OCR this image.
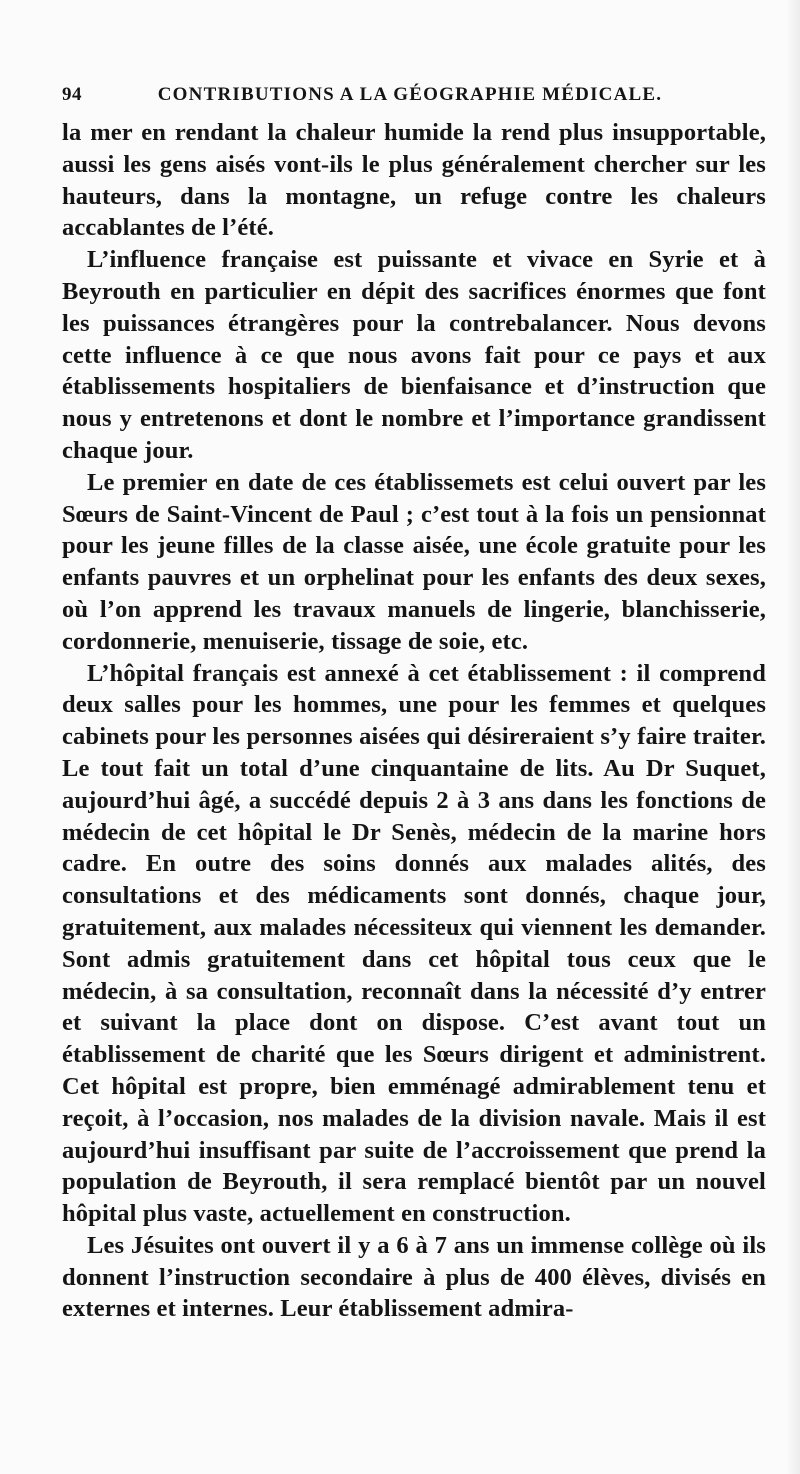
94	CONTRIBUTIONS A LA GÉOGRAPHIE MÉDICALE.

la mer en rendant la chaleur humide la rend plus insupportable, aussi les gens aisés vont-ils le plus généralement chercher sur les hauteurs, dans la montagne, un refuge contre les chaleurs accablantes de l’été.

L’influence française est puissante et vivace en Syrie et à Beyrouth en particulier en dépit des sacrifices énormes que font les puissances étrangères pour la contrebalancer. Nous devons cette influence à ce que nous avons fait pour ce pays et aux établissements hospitaliers de bienfaisance et d’instruction que nous y entretenons et dont le nombre et l’importance grandissent chaque jour.

Le premier en date de ces établissemets est celui ouvert par les Sœurs de Saint-Vincent de Paul ; c’est tout à la fois un pensionnat pour les jeune filles de la classe aisée, une école gratuite pour les enfants pauvres et un orphelinat pour les enfants des deux sexes, où l’on apprend les travaux manuels de lingerie, blanchisserie, cordonnerie, menuiserie, tissage de soie, etc.

L’hôpital français est annexé à cet établissement : il comprend deux salles pour les hommes, une pour les femmes et quelques cabinets pour les personnes aisées qui désireraient s’y faire traiter. Le tout fait un total d’une cinquantaine de lits. Au Dr Suquet, aujourd’hui âgé, a succédé depuis 2 à 3 ans dans les fonctions de médecin de cet hôpital le Dr Senès, médecin de la marine hors cadre. En outre des soins donnés aux malades alités, des consultations et des médicaments sont donnés, chaque jour, gratuitement, aux malades nécessiteux qui viennent les demander. Sont admis gratuitement dans cet hôpital tous ceux que le médecin, à sa consultation, reconnaît dans la nécessité d’y entrer et suivant la place dont on dispose. C’est avant tout un établissement de charité que les Sœurs dirigent et administrent. Cet hôpital est propre, bien emménagé admirablement tenu et reçoit, à l’occasion, nos malades de la division navale. Mais il est aujourd’hui insuffisant par suite de l’accroissement que prend la population de Beyrouth, il sera remplacé bientôt par un nouvel hôpital plus vaste, actuellement en construction.

Les Jésuites ont ouvert il y a 6 à 7 ans un immense collège où ils donnent l’instruction secondaire à plus de 400 élèves, divisés en externes et internes. Leur établissement admira-
